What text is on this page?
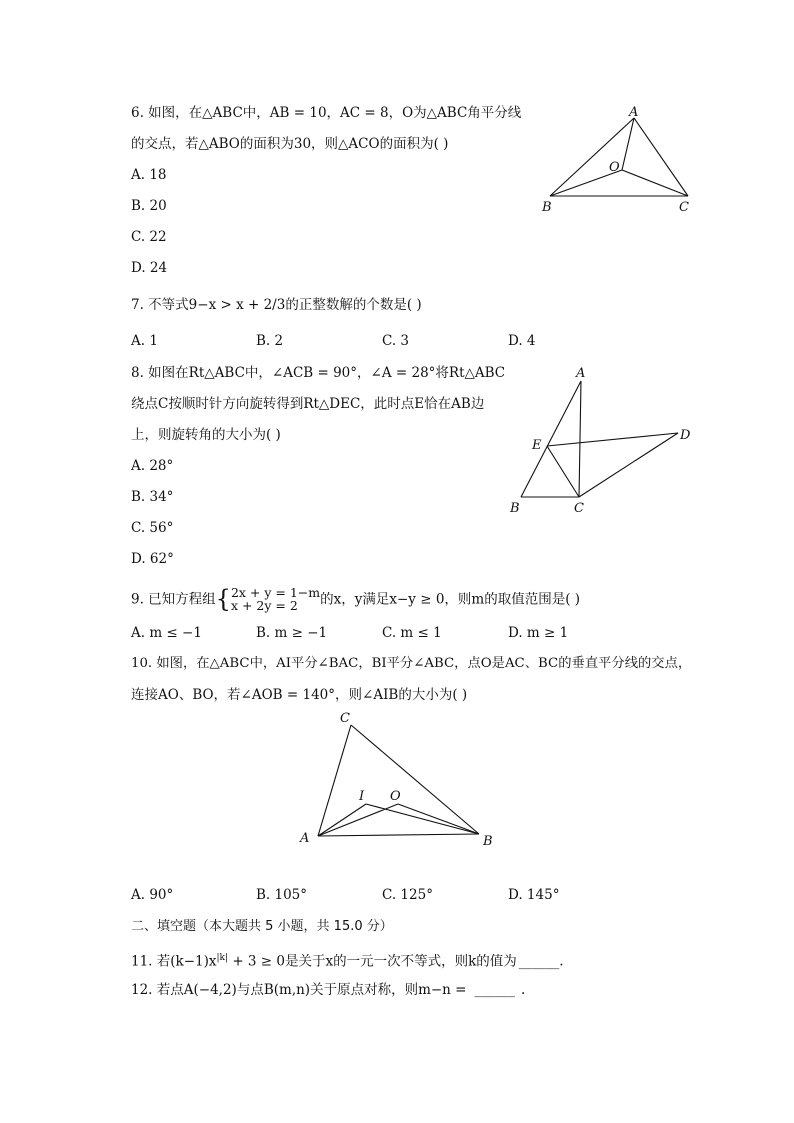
6. 如图，在△ABC中，AB = 10，AC = 8，O为△ABC角平分线
的交点，若△ABO的面积为30，则△ACO的面积为( )
A. 18
B. 20
C. 22
D. 24
A
O
B	C
7. 不等式9−x > x + 2/3的正整数解的个数是( )
A. 1	B. 2	C. 3	D. 4
8. 如图在Rt△ABC中，∠ACB = 90°，∠A = 28°将Rt△ABC
绕点C按顺时针方向旋转得到Rt△DEC，此时点E恰在AB边
上，则旋转角的大小为( )
A. 28°
B. 34°
C. 56°
D. 62°
A
E
D
B	C
9. 已知方程组{ 2x + y = 1−m
x + 2y = 2	的x，y满足x−y ≥ 0，则m的取值范围是( )
A. m ≤ −1	B. m ≥ −1	C. m ≤ 1	D. m ≥ 1
10. 如图，在△ABC中，AI平分∠BAC，BI平分∠ABC，点O是AC、BC的垂直平分线的交点，
连接AO、BO，若∠AOB = 140°，则∠AIB的大小为( )
C
I O
A	B
A. 90°	B. 105°	C. 125°	D. 145°
二、填空题（本大题共 5 小题，共 15.0 分）
11. 若$(k-1)x^{|k|} + 3 \ge 0$是关于x的一元一次不等式，则k的值为 ______.
12. 若点A(−4,2)与点B(m,n)关于原点对称，则m−n = ______ .
